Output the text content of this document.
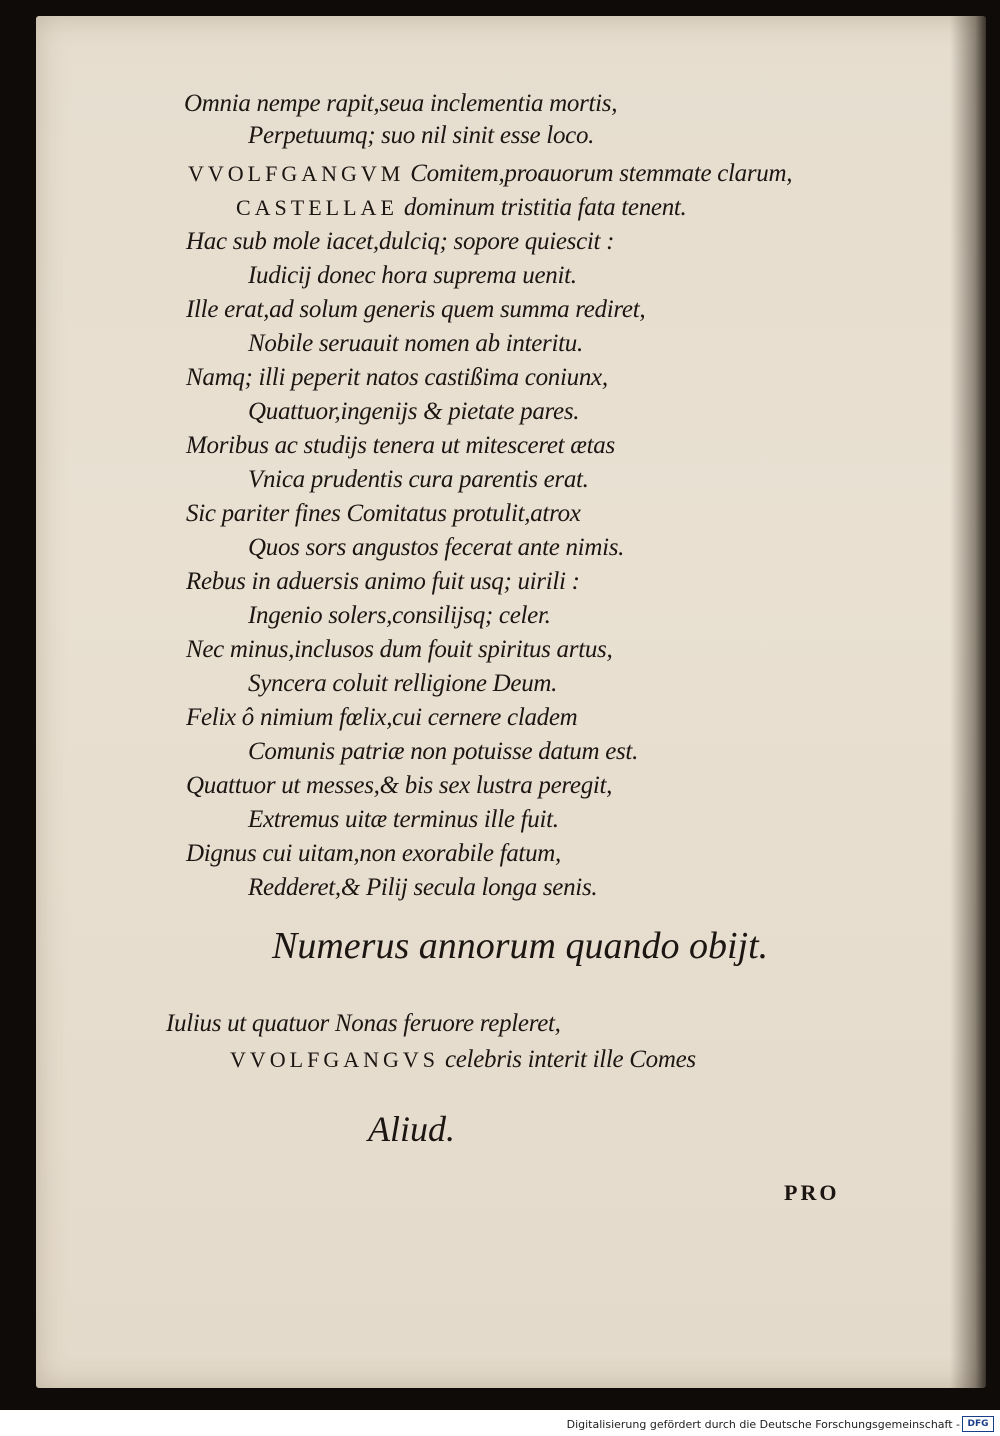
Omnia nempe rapit,seua inclementia mortis,
Perpetuumq; suo nil sinit esse loco.
VVOLFGANGVM Comitem,proauorum stemmate clarum,
CASTELLAE dominum tristitia fata tenent.
Hac sub mole iacet,dulciq; sopore quiescit :
Iudicij donec hora suprema uenit.
Ille erat,ad solum generis quem summa rediret,
Nobile seruauit nomen ab interitu.
Namq; illi peperit natos castißima coniunx,
Quattuor,ingenijs & pietate pares.
Moribus ac studijs tenera ut mitesceret ætas
Vnica prudentis cura parentis erat.
Sic pariter fines Comitatus protulit,atrox
Quos sors angustos fecerat ante nimis.
Rebus in aduersis animo fuit usq; uirili :
Ingenio solers,consilijsq; celer.
Nec minus,inclusos dum fouit spiritus artus,
Syncera coluit relligione Deum.
Felix ô nimium fœlix,cui cernere cladem
Comunis patriæ non potuisse datum est.
Quattuor ut messes,& bis sex lustra peregit,
Extremus uitæ terminus ille fuit.
Dignus cui uitam,non exorabile fatum,
Redderet,& Pilij secula longa senis.
Iulius ut quatuor Nonas feruore repleret,
VVOLFGANGVS celebris interit ille Comes
Numerus annorum quando obijt.
Aliud.
PRO
Digitalisierung gefördert durch die Deutsche Forschungsgemeinschaft - DFG
